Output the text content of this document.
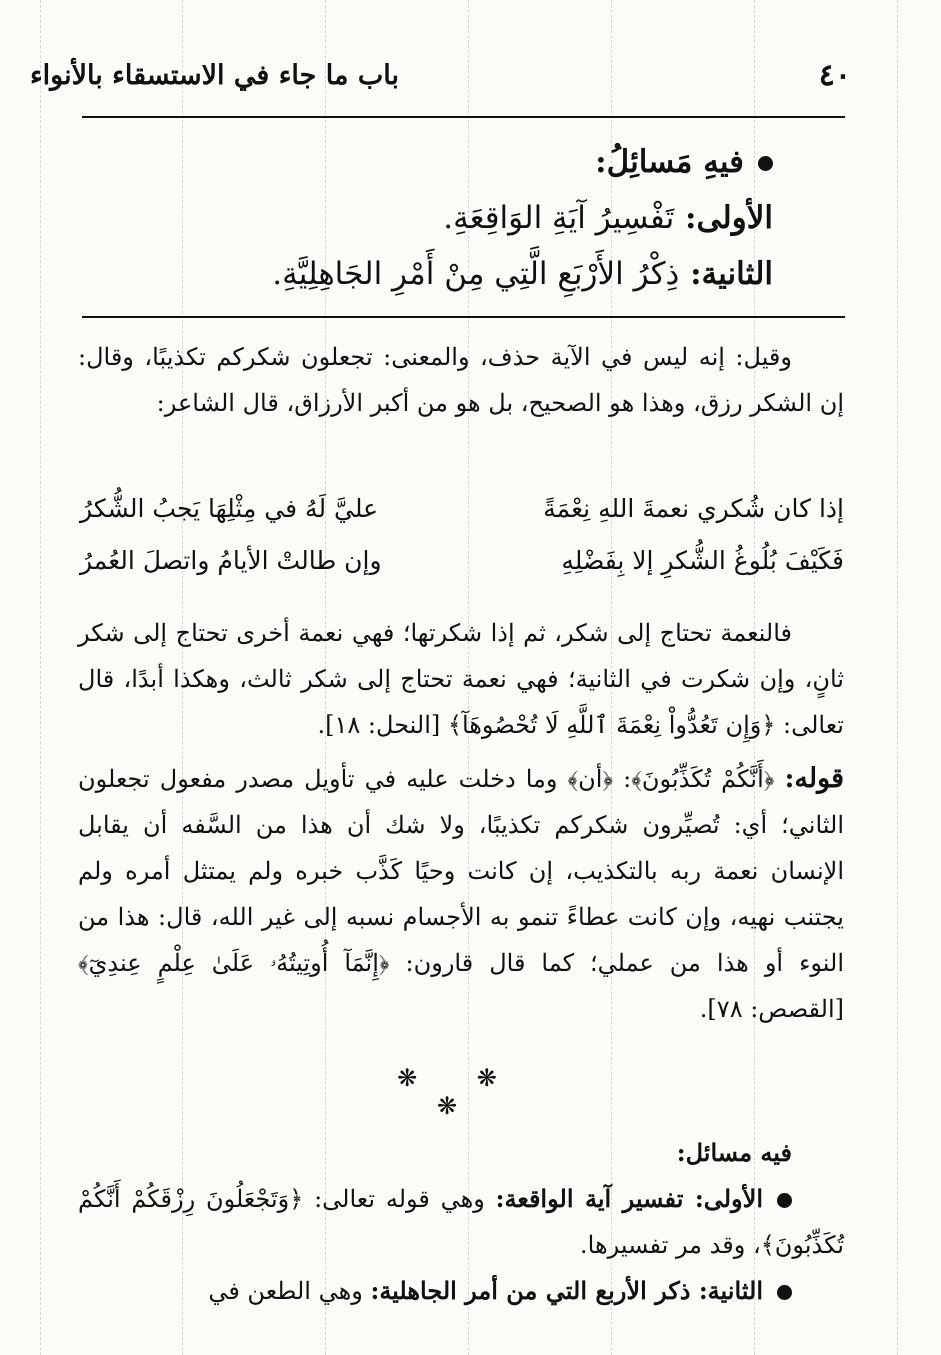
٤٠
باب ما جاء في الاستسقاء بالأنواء
فيهِ مَسائِلُ:
الأولى: تَفْسِيرُ آيَةِ الوَاقِعَةِ.
الثانية: ذِكْرُ الأَرْبَعِ الَّتِي مِنْ أَمْرِ الجَاهِلِيَّةِ.

وقيل: إنه ليس في الآية حذف، والمعنى: تجعلون شكركم تكذيبًا، وقال: إن الشكر رزق، وهذا هو الصحيح، بل هو من أكبر الأرزاق، قال الشاعر:

إذا كان شُكري نعمةَ اللهِ نِعْمَةً
عليَّ لَهُ في مِثْلِهَا يَجبُ الشُّكرُ
فَكَيْفَ بُلُوغُ الشُّكرِ إلا بِفَضْلِهِ
وإن طالتْ الأيامُ واتصلَ العُمرُ

فالنعمة تحتاج إلى شكر، ثم إذا شكرتها؛ فهي نعمة أخرى تحتاج إلى شكر ثانٍ، وإن شكرت في الثانية؛ فهي نعمة تحتاج إلى شكر ثالث، وهكذا أبدًا، قال تعالى: ﴿وَإِن تَعُدُّواْ نِعْمَةَ ٱللَّهِ لَا تُحْصُوهَآ﴾ [النحل: ١٨].

قوله: ﴿أَنَّكُمْ تُكَذِّبُونَ﴾: ﴿أن﴾ وما دخلت عليه في تأويل مصدر مفعول تجعلون الثاني؛ أي: تُصيِّرون شكركم تكذيبًا، ولا شك أن هذا من السَّفه أن يقابل الإنسان نعمة ربه بالتكذيب، إن كانت وحيًا كَذَّب خبره ولم يمتثل أمره ولم يجتنب نهيه، وإن كانت عطاءً تنمو به الأجسام نسبه إلى غير الله، قال: هذا من النوء أو هذا من عملي؛ كما قال قارون: ﴿إِنَّمَآ أُوتِيتُهُۥ عَلَىٰ عِلْمٍ عِندِيٓ﴾ [القصص: ٧٨].

❋ ❋ ❋

فيه مسائل:

الأولى: تفسير آية الواقعة: وهي قوله تعالى: ﴿وَتَجْعَلُونَ رِزْقَكُمْ أَنَّكُمْ تُكَذِّبُونَ﴾، وقد مر تفسيرها.

الثانية: ذكر الأربع التي من أمر الجاهلية: وهي الطعن في
